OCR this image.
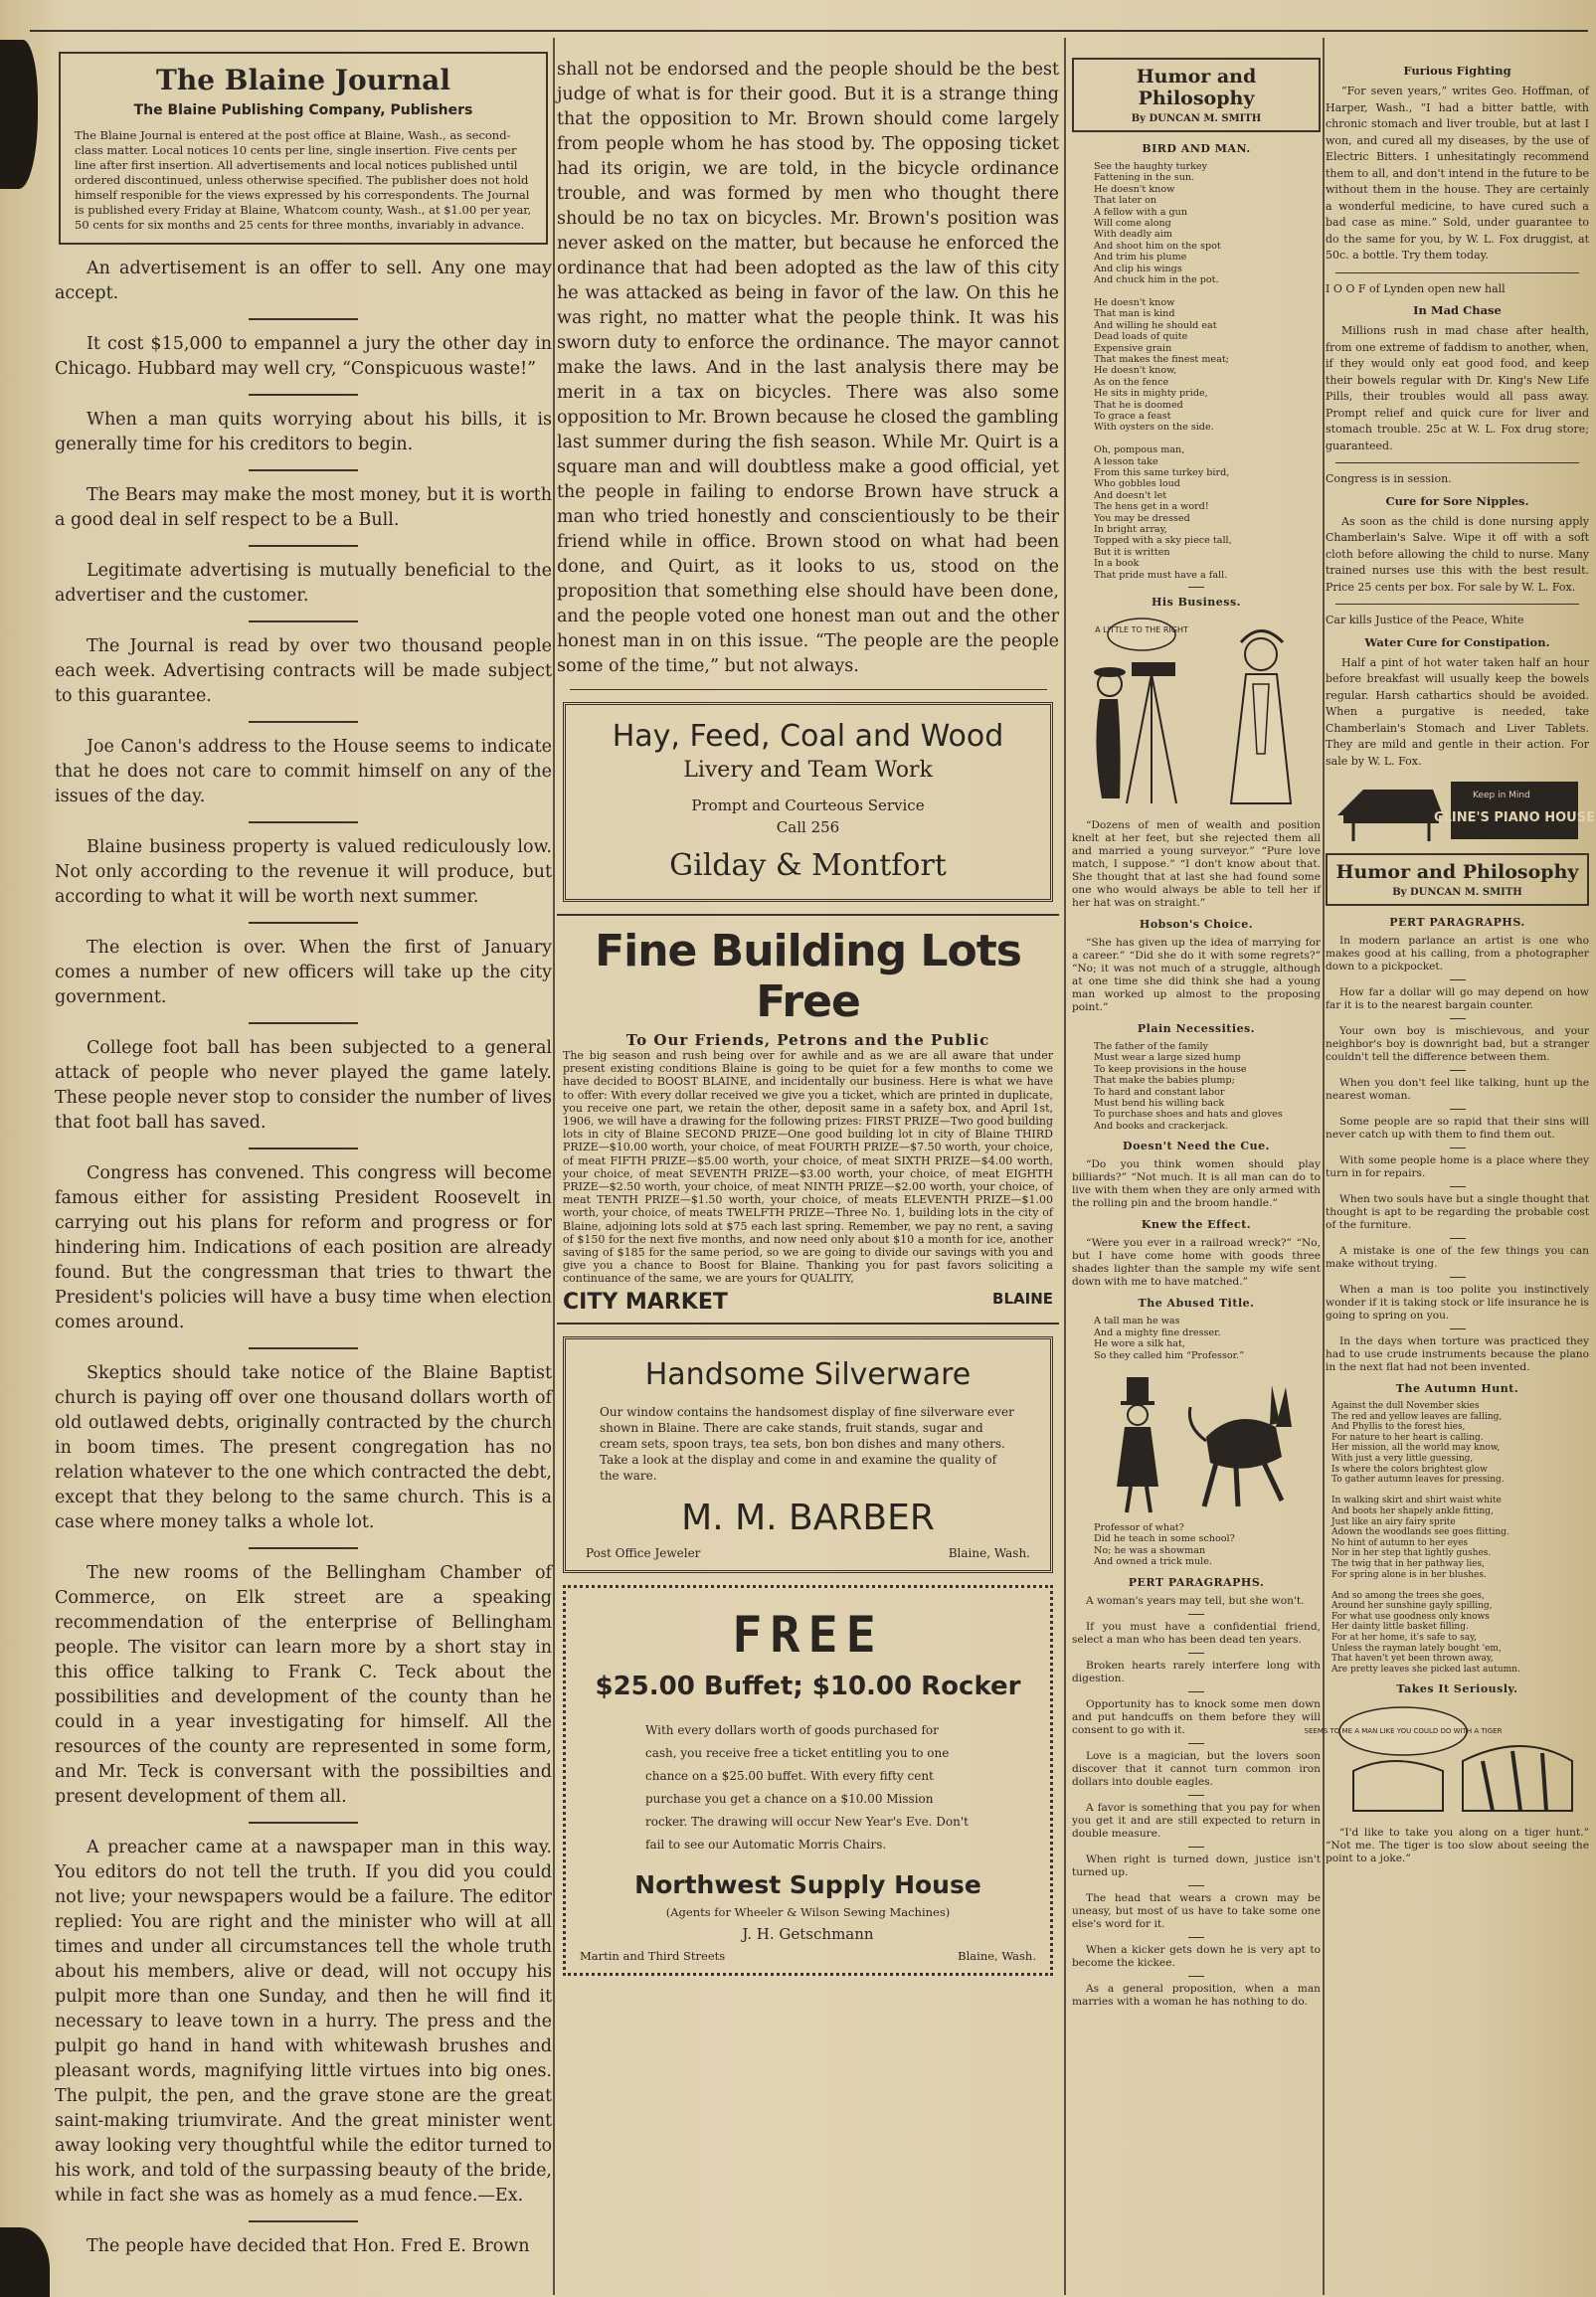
The Blaine Journal
The Blaine Publishing Company, Publishers

The Blaine Journal is entered at the post office at Blaine, Wash., as second-class matter. Local notices 10 cents per line, single insertion. Five cents per line after first insertion. All advertisements and local notices published until ordered discontinued, unless otherwise specified. The publisher does not hold himself responible for the views expressed by his correspondents. The Journal is published every Friday at Blaine, Whatcom county, Wash., at $1.00 per year, 50 cents for six months and 25 cents for three months, invariably in advance.

An advertisement is an offer to sell. Any one may accept.

It cost $15,000 to empannel a jury the other day in Chicago. Hubbard may well cry, “Conspicuous waste!”

When a man quits worrying about his bills, it is generally time for his creditors to begin.

The Bears may make the most money, but it is worth a good deal in self respect to be a Bull.

Legitimate advertising is mutually beneficial to the advertiser and the customer.

The Journal is read by over two thousand people each week. Advertising contracts will be made subject to this guarantee.

Joe Canon's address to the House seems to indicate that he does not care to commit himself on any of the issues of the day.

Blaine business property is valued rediculously low. Not only according to the revenue it will produce, but according to what it will be worth next summer.

The election is over. When the first of January comes a number of new officers will take up the city government.

College foot ball has been subjected to a general attack of people who never played the game lately. These people never stop to consider the number of lives that foot ball has saved.

Congress has convened. This congress will become famous either for assisting President Roosevelt in carrying out his plans for reform and progress or for hindering him. Indications of each position are already found. But the congressman that tries to thwart the President's policies will have a busy time when election comes around.

Skeptics should take notice of the Blaine Baptist church is paying off over one thousand dollars worth of old outlawed debts, originally contracted by the church in boom times. The present congregation has no relation whatever to the one which contracted the debt, except that they belong to the same church. This is a case where money talks a whole lot.

The new rooms of the Bellingham Chamber of Commerce, on Elk street are a speaking recommendation of the enterprise of Bellingham people. The visitor can learn more by a short stay in this office talking to Frank C. Teck about the possibilities and development of the county than he could in a year investigating for himself. All the resources of the county are represented in some form, and Mr. Teck is conversant with the possibilties and present development of them all.

A preacher came at a nawspaper man in this way. You editors do not tell the truth. If you did you could not live; your newspapers would be a failure. The editor replied: You are right and the minister who will at all times and under all circumstances tell the whole truth about his members, alive or dead, will not occupy his pulpit more than one Sunday, and then he will find it necessary to leave town in a hurry. The press and the pulpit go hand in hand with whitewash brushes and pleasant words, magnifying little virtues into big ones. The pulpit, the pen, and the grave stone are the great saint-making triumvirate. And the great minister went away looking very thoughtful while the editor turned to his work, and told of the surpassing beauty of the bride, while in fact she was as homely as a mud fence.—Ex.

The people have decided that Hon. Fred E. Brown

shall not be endorsed and the people should be the best judge of what is for their good. But it is a strange thing that the opposition to Mr. Brown should come largely from people whom he has stood by. The opposing ticket had its origin, we are told, in the bicycle ordinance trouble, and was formed by men who thought there should be no tax on bicycles. Mr. Brown's position was never asked on the matter, but because he enforced the ordinance that had been adopted as the law of this city he was attacked as being in favor of the law. On this he was right, no matter what the people think. It was his sworn duty to enforce the ordinance. The mayor cannot make the laws. And in the last analysis there may be merit in a tax on bicycles. There was also some opposition to Mr. Brown because he closed the gambling last summer during the fish season. While Mr. Quirt is a square man and will doubtless make a good official, yet the people in failing to endorse Brown have struck a man who tried honestly and conscientiously to be their friend while in office. Brown stood on what had been done, and Quirt, as it looks to us, stood on the proposition that something else should have been done, and the people voted one honest man out and the other honest man in on this issue. “The people are the people some of the time,” but not always.

Hay, Feed, Coal and Wood
Livery and Team Work
Prompt and Courteous Service
Call 256
Gilday & Montfort
Fine Building Lots Free
To Our Friends, Petrons and the Public

The big season and rush being over for awhile and as we are all aware that under present existing conditions Blaine is going to be quiet for a few months to come we have decided to BOOST BLAINE, and incidentally our business. Here is what we have to offer: With every dollar received we give you a ticket, which are printed in duplicate, you receive one part, we retain the other, deposit same in a safety box, and April 1st, 1906, we will have a drawing for the following prizes: FIRST PRIZE—Two good building lots in city of Blaine SECOND PRIZE—One good building lot in city of Blaine THIRD PRIZE—$10.00 worth, your choice, of meat FOURTH PRIZE—$7.50 worth, your choice, of meat FIFTH PRIZE—$5.00 worth, your choice, of meat SIXTH PRIZE—$4.00 worth, your choice, of meat SEVENTH PRIZE—$3.00 worth, your choice, of meat EIGHTH PRIZE—$2.50 worth, your choice, of meat NINTH PRIZE—$2.00 worth, your choice, of meat TENTH PRIZE—$1.50 worth, your choice, of meats ELEVENTH PRIZE—$1.00 worth, your choice, of meats TWELFTH PRIZE—Three No. 1, building lots in the city of Blaine, adjoining lots sold at $75 each last spring. Remember, we pay no rent, a saving of $150 for the next five months, and now need only about $10 a month for ice, another saving of $185 for the same period, so we are going to divide our savings with you and give you a chance to Boost for Blaine. Thanking you for past favors soliciting a continuance of the same, we are yours for QUALITY,

CITY MARKET	BLAINE
Handsome Silverware

Our window contains the handsomest display of fine silverware ever shown in Blaine. There are cake stands, fruit stands, sugar and cream sets, spoon trays, tea sets, bon bon dishes and many others. Take a look at the display and come in and examine the quality of the ware.

M. M. BARBER
Post Office Jeweler	Blaine, Wash.
FREE
$25.00 Buffet; $10.00 Rocker

With every dollars worth of goods purchased for cash, you receive free a ticket entitling you to one chance on a $25.00 buffet. With every fifty cent purchase you get a chance on a $10.00 Mission rocker. The drawing will occur New Year's Eve. Don't fail to see our Automatic Morris Chairs.

Northwest Supply House
(Agents for Wheeler & Wilson Sewing Machines)
J. H. Getschmann
Martin and Third Streets	Blaine, Wash.
Humor and Philosophy
By DUNCAN M. SMITH
BIRD AND MAN.
See the haughty turkey
Fattening in the sun.
He doesn't know
That later on
A fellow with a gun
Will come along
With deadly aim
And shoot him on the spot
And trim his plume
And clip his wings
And chuck him in the pot.

He doesn't know
That man is kind
And willing he should eat
Dead loads of quite
Expensive grain
That makes the finest meat;
He doesn't know,
As on the fence
He sits in mighty pride,
That he is doomed
To grace a feast
With oysters on the side.

Oh, pompous man,
A lesson take
From this same turkey bird,
Who gobbles loud
And doesn't let
The hens get in a word!
You may be dressed
In bright array,
Topped with a sky piece tall,
But it is written
In a book
That pride must have a fall.
His Business.
A LITTLE TO THE RIGHT

“Dozens of men of wealth and position knelt at her feet, but she rejected them all and married a young surveyor.” “Pure love match, I suppose.” “I don't know about that. She thought that at last she had found some one who would always be able to tell her if her hat was on straight.”

Hobson's Choice.

“She has given up the idea of marrying for a career.” “Did she do it with some regrets?” “No; it was not much of a struggle, although at one time she did think she had a young man worked up almost to the proposing point.”

Plain Necessities.
The father of the family
Must wear a large sized hump
To keep provisions in the house
That make the babies plump;
To hard and constant labor
Must bend his willing back
To purchase shoes and hats and gloves
And books and crackerjack.
Doesn't Need the Cue.

“Do you think women should play billiards?” “Not much. It is all man can do to live with them when they are only armed with the rolling pin and the broom handle.”

Knew the Effect.

“Were you ever in a railroad wreck?” “No, but I have come home with goods three shades lighter than the sample my wife sent down with me to have matched.”

The Abused Title.
A tall man he was
And a mighty fine dresser.
He wore a silk hat,
So they called him “Professor.”
Professor of what?
Did he teach in some school?
No; he was a showman
And owned a trick mule.
PERT PARAGRAPHS.

A woman's years may tell, but she won't.

If you must have a confidential friend, select a man who has been dead ten years.

Broken hearts rarely interfere long with digestion.

Opportunity has to knock some men down and put handcuffs on them before they will consent to go with it.

Love is a magician, but the lovers soon discover that it cannot turn common iron dollars into double eagles.

A favor is something that you pay for when you get it and are still expected to return in double measure.

When right is turned down, justice isn't turned up.

The head that wears a crown may be uneasy, but most of us have to take some one else's word for it.

When a kicker gets down he is very apt to become the kickee.

As a general proposition, when a man marries with a woman he has nothing to do.

Furious Fighting

“For seven years,” writes Geo. Hoffman, of Harper, Wash., “I had a bitter battle, with chronic stomach and liver trouble, but at last I won, and cured all my diseases, by the use of Electric Bitters. I unhesitatingly recommend them to all, and don't intend in the future to be without them in the house. They are certainly a wonderful medicine, to have cured such a bad case as mine.” Sold, under guarantee to do the same for you, by W. L. Fox druggist, at 50c. a bottle. Try them today.

I O O F of Lynden open new hall

In Mad Chase

Millions rush in mad chase after health, from one extreme of faddism to another, when, if they would only eat good food, and keep their bowels regular with Dr. King's New Life Pills, their troubles would all pass away. Prompt relief and quick cure for liver and stomach trouble. 25c at W. L. Fox drug store; guaranteed.

Congress is in session.

Cure for Sore Nipples.

As soon as the child is done nursing apply Chamberlain's Salve. Wipe it off with a soft cloth before allowing the child to nurse. Many trained nurses use this with the best result. Price 25 cents per box. For sale by W. L. Fox.

Car kills Justice of the Peace, White

Water Cure for Constipation.

Half a pint of hot water taken half an hour before breakfast will usually keep the bowels regular. Harsh cathartics should be avoided. When a purgative is needed, take Chamberlain's Stomach and Liver Tablets. They are mild and gentle in their action. For sale by W. L. Fox.

Keep in Mind
CLINE'S PIANO HOUSE
Humor and Philosophy
By DUNCAN M. SMITH
PERT PARAGRAPHS.

In modern parlance an artist is one who makes good at his calling, from a photographer down to a pickpocket.

How far a dollar will go may depend on how far it is to the nearest bargain counter.

Your own boy is mischievous, and your neighbor's boy is downright bad, but a stranger couldn't tell the difference between them.

When you don't feel like talking, hunt up the nearest woman.

Some people are so rapid that their sins will never catch up with them to find them out.

With some people home is a place where they turn in for repairs.

When two souls have but a single thought that thought is apt to be regarding the probable cost of the furniture.

A mistake is one of the few things you can make without trying.

When a man is too polite you instinctively wonder if it is taking stock or life insurance he is going to spring on you.

In the days when torture was practiced they had to use crude instruments because the plano in the next flat had not been invented.

The Autumn Hunt.
Against the dull November skies
The red and yellow leaves are falling,
And Phyllis to the forest hies,
For nature to her heart is calling.
Her mission, all the world may know,
With just a very little guessing,
Is where the colors brightest glow
To gather autumn leaves for pressing.

In walking skirt and shirt waist white
And boots her shapely ankle fitting,
Just like an airy fairy sprite
Adown the woodlands see goes flitting.
No hint of autumn to her eyes
Nor in her step that lightly gushes.
The twig that in her pathway lies,
For spring alone is in her blushes.

And so among the trees she goes,
Around her sunshine gayly spilling,
For what use goodness only knows
Her dainty little basket filling.
For at her home, it's safe to say,
Unless the rayman lately bought 'em,
That haven't yet been thrown away,
Are pretty leaves she picked last autumn.
Takes It Seriously.
SEEMS TO ME A MAN LIKE YOU COULD DO WITH A TIGER

“I'd like to take you along on a tiger hunt.” “Not me. The tiger is too slow about seeing the point to a joke.”
